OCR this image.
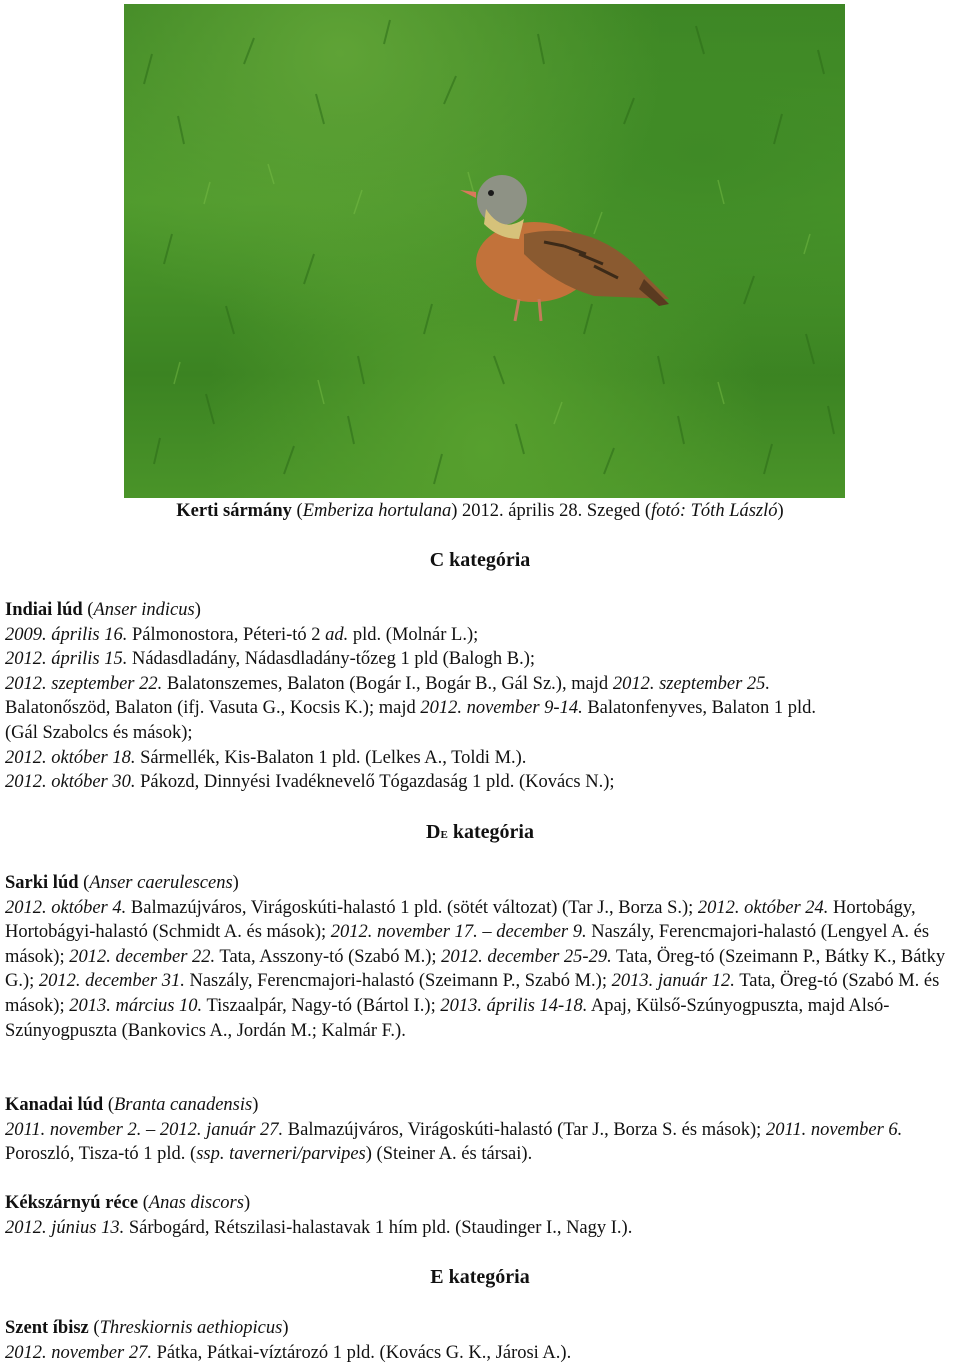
Kerti sármány (Emberiza hortulana) 2012. április 28. Szeged (fotó: Tóth László)
C kategória

Indiai lúd (Anser indicus)

2009. április 16. Pálmonostora, Péteri-tó 2 ad. pld. (Molnár L.);

2012. április 15. Nádasdladány, Nádasdladány-tőzeg 1 pld (Balogh B.);

2012. szeptember 22. Balatonszemes, Balaton (Bogár I., Bogár B., Gál Sz.), majd 2012. szeptember 25.

Balatonőszöd, Balaton (ifj. Vasuta G., Kocsis K.); majd 2012. november 9-14. Balatonfenyves, Balaton 1 pld.

(Gál Szabolcs és mások);

2012. október 18. Sármellék, Kis-Balaton 1 pld. (Lelkes A., Toldi M.).

2012. október 30. Pákozd, Dinnyési Ivadéknevelő Tógazdaság 1 pld. (Kovács N.);

DE kategória

Sarki lúd (Anser caerulescens)

2012. október 4. Balmazújváros, Virágoskúti-halastó 1 pld. (sötét változat) (Tar J., Borza S.); 2012. október 24. Hortobágy, Hortobágyi-halastó (Schmidt A. és mások); 2012. november 17. – december 9. Naszály, Ferencmajori-halastó (Lengyel A. és mások); 2012. december 22. Tata, Asszony-tó (Szabó M.); 2012. december 25-29. Tata, Öreg-tó (Szeimann P., Bátky K., Bátky G.); 2012. december 31. Naszály, Ferencmajori-halastó (Szeimann P., Szabó M.); 2013. január 12. Tata, Öreg-tó (Szabó M. és mások); 2013. március 10. Tiszaalpár, Nagy-tó (Bártol I.); 2013. április 14-18. Apaj, Külső-Szúnyogpuszta, majd Alsó-Szúnyogpuszta (Bankovics A., Jordán M.; Kalmár F.).

Kanadai lúd (Branta canadensis)

2011. november 2. – 2012. január 27. Balmazújváros, Virágoskúti-halastó (Tar J., Borza S. és mások); 2011. november 6. Poroszló, Tisza-tó 1 pld. (ssp. taverneri/parvipes) (Steiner A. és társai).

Kékszárnyú réce (Anas discors)

2012. június 13. Sárbogárd, Rétszilasi-halastavak 1 hím pld. (Staudinger I., Nagy I.).

E kategória

Szent íbisz (Threskiornis aethiopicus)

2012. november 27. Pátka, Pátkai-víztározó 1 pld. (Kovács G. K., Járosi A.).
